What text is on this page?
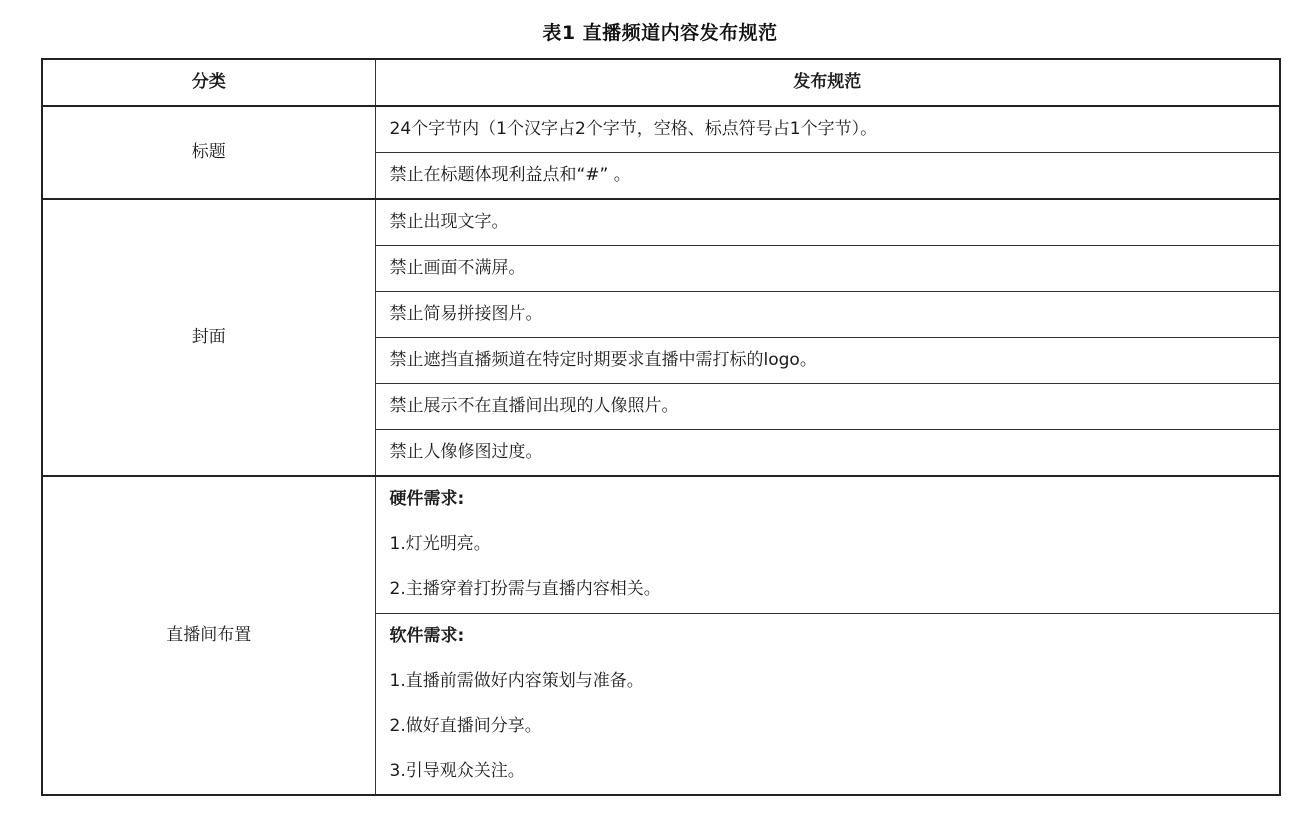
表1 直播频道内容发布规范
分类	发布规范
标题	24个字节内（1个汉字占2个字节，空格、标点符号占1个字节）。
	禁止在标题体现利益点和“#” 。
封面	禁止出现文字。
	禁止画面不满屏。
	禁止简易拼接图片。
	禁止遮挡直播频道在特定时期要求直播中需打标的logo。
	禁止展示不在直播间出现的人像照片。
	禁止人像修图过度。
直播间布置	硬件需求:
1.灯光明亮。
2.主播穿着打扮需与直播内容相关。

	软件需求:
1.直播前需做好内容策划与准备。
2.做好直播间分享。
3.引导观众关注。
